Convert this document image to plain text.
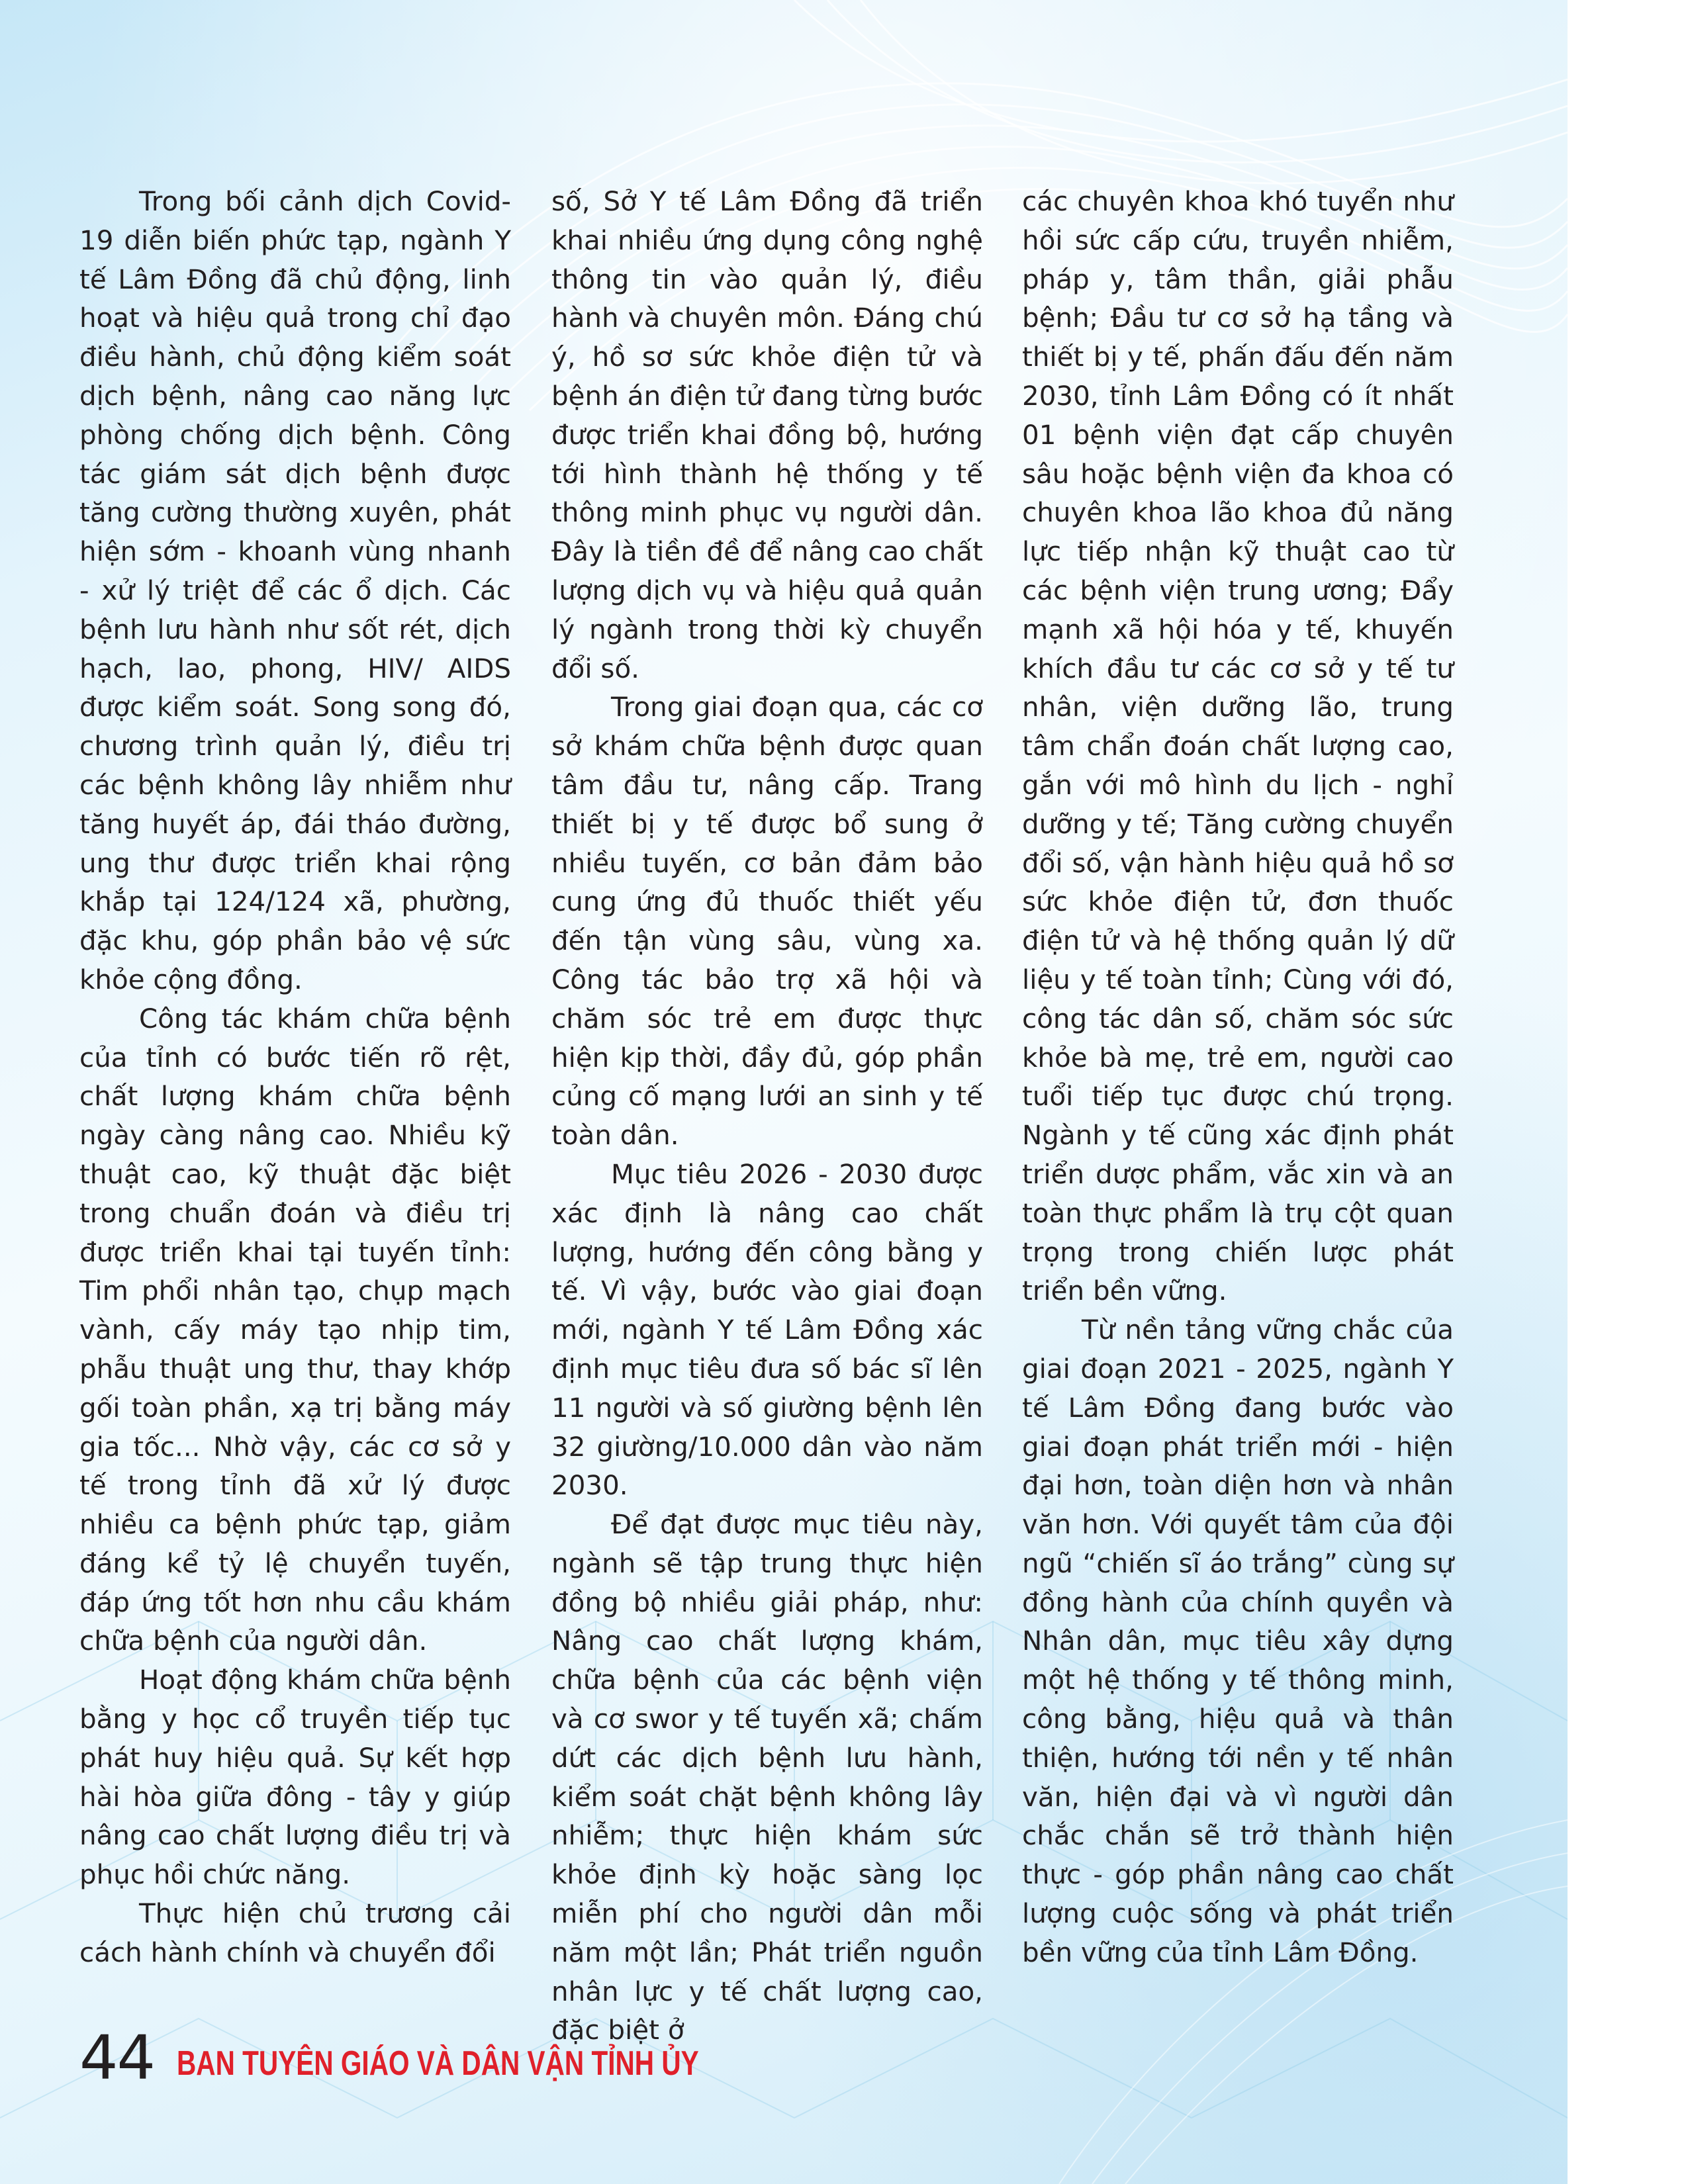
Trong bối cảnh dịch Covid-19 diễn biến phức tạp, ngành Y tế Lâm Đồng đã chủ động, linh hoạt và hiệu quả trong chỉ đạo điều hành, chủ động kiểm soát dịch bệnh, nâng cao năng lực phòng chống dịch bệnh. Công tác giám sát dịch bệnh được tăng cường thường xuyên, phát hiện sớm - khoanh vùng nhanh - xử lý triệt để các ổ dịch. Các bệnh lưu hành như sốt rét, dịch hạch, lao, phong, HIV/ AIDS được kiểm soát. Song song đó, chương trình quản lý, điều trị các bệnh không lây nhiễm như tăng huyết áp, đái tháo đường, ung thư được triển khai rộng khắp tại 124/124 xã, phường, đặc khu, góp phần bảo vệ sức khỏe cộng đồng.

Công tác khám chữa bệnh của tỉnh có bước tiến rõ rệt, chất lượng khám chữa bệnh ngày càng nâng cao. Nhiều kỹ thuật cao, kỹ thuật đặc biệt trong chuẩn đoán và điều trị được triển khai tại tuyến tỉnh: Tim phổi nhân tạo, chụp mạch vành, cấy máy tạo nhịp tim, phẫu thuật ung thư, thay khớp gối toàn phần, xạ trị bằng máy gia tốc... Nhờ vậy, các cơ sở y tế trong tỉnh đã xử lý được nhiều ca bệnh phức tạp, giảm đáng kể tỷ lệ chuyển tuyến, đáp ứng tốt hơn nhu cầu khám chữa bệnh của người dân.

Hoạt động khám chữa bệnh bằng y học cổ truyền tiếp tục phát huy hiệu quả. Sự kết hợp hài hòa giữa đông - tây y giúp nâng cao chất lượng điều trị và phục hồi chức năng.

Thực hiện chủ trương cải cách hành chính và chuyển đổi

số, Sở Y tế Lâm Đồng đã triển khai nhiều ứng dụng công nghệ thông tin vào quản lý, điều hành và chuyên môn. Đáng chú ý, hồ sơ sức khỏe điện tử và bệnh án điện tử đang từng bước được triển khai đồng bộ, hướng tới hình thành hệ thống y tế thông minh phục vụ người dân. Đây là tiền đề để nâng cao chất lượng dịch vụ và hiệu quả quản lý ngành trong thời kỳ chuyển đổi số.

Trong giai đoạn qua, các cơ sở khám chữa bệnh được quan tâm đầu tư, nâng cấp. Trang thiết bị y tế được bổ sung ở nhiều tuyến, cơ bản đảm bảo cung ứng đủ thuốc thiết yếu đến tận vùng sâu, vùng xa. Công tác bảo trợ xã hội và chăm sóc trẻ em được thực hiện kịp thời, đầy đủ, góp phần củng cố mạng lưới an sinh y tế toàn dân.

Mục tiêu 2026 - 2030 được xác định là nâng cao chất lượng, hướng đến công bằng y tế. Vì vậy, bước vào giai đoạn mới, ngành Y tế Lâm Đồng xác định mục tiêu đưa số bác sĩ lên 11 người và số giường bệnh lên 32 giường/10.000 dân vào năm 2030.

Để đạt được mục tiêu này, ngành sẽ tập trung thực hiện đồng bộ nhiều giải pháp, như: Nâng cao chất lượng khám, chữa bệnh của các bệnh viện và cơ swor y tế tuyến xã; chấm dứt các dịch bệnh lưu hành, kiểm soát chặt bệnh không lây nhiễm; thực hiện khám sức khỏe định kỳ hoặc sàng lọc miễn phí cho người dân mỗi năm một lần; Phát triển nguồn nhân lực y tế chất lượng cao, đặc biệt ở

các chuyên khoa khó tuyển như hồi sức cấp cứu, truyền nhiễm, pháp y, tâm thần, giải phẫu bệnh; Đầu tư cơ sở hạ tầng và thiết bị y tế, phấn đấu đến năm 2030, tỉnh Lâm Đồng có ít nhất 01 bệnh viện đạt cấp chuyên sâu hoặc bệnh viện đa khoa có chuyên khoa lão khoa đủ năng lực tiếp nhận kỹ thuật cao từ các bệnh viện trung ương; Đẩy mạnh xã hội hóa y tế, khuyến khích đầu tư các cơ sở y tế tư nhân, viện dưỡng lão, trung tâm chẩn đoán chất lượng cao, gắn với mô hình du lịch - nghỉ dưỡng y tế; Tăng cường chuyển đổi số, vận hành hiệu quả hồ sơ sức khỏe điện tử, đơn thuốc điện tử và hệ thống quản lý dữ liệu y tế toàn tỉnh; Cùng với đó, công tác dân số, chăm sóc sức khỏe bà mẹ, trẻ em, người cao tuổi tiếp tục được chú trọng. Ngành y tế cũng xác định phát triển dược phẩm, vắc xin và an toàn thực phẩm là trụ cột quan trọng trong chiến lược phát triển bền vững.

Từ nền tảng vững chắc của giai đoạn 2021 - 2025, ngành Y tế Lâm Đồng đang bước vào giai đoạn phát triển mới - hiện đại hơn, toàn diện hơn và nhân văn hơn. Với quyết tâm của đội ngũ “chiến sĩ áo trắng” cùng sự đồng hành của chính quyền và Nhân dân, mục tiêu xây dựng một hệ thống y tế thông minh, công bằng, hiệu quả và thân thiện, hướng tới nền y tế nhân văn, hiện đại và vì người dân chắc chắn sẽ trở thành hiện thực - góp phần nâng cao chất lượng cuộc sống và phát triển bền vững của tỉnh Lâm Đồng.

44 BAN TUYÊN GIÁO VÀ DÂN VẬN TỈNH ỦY
